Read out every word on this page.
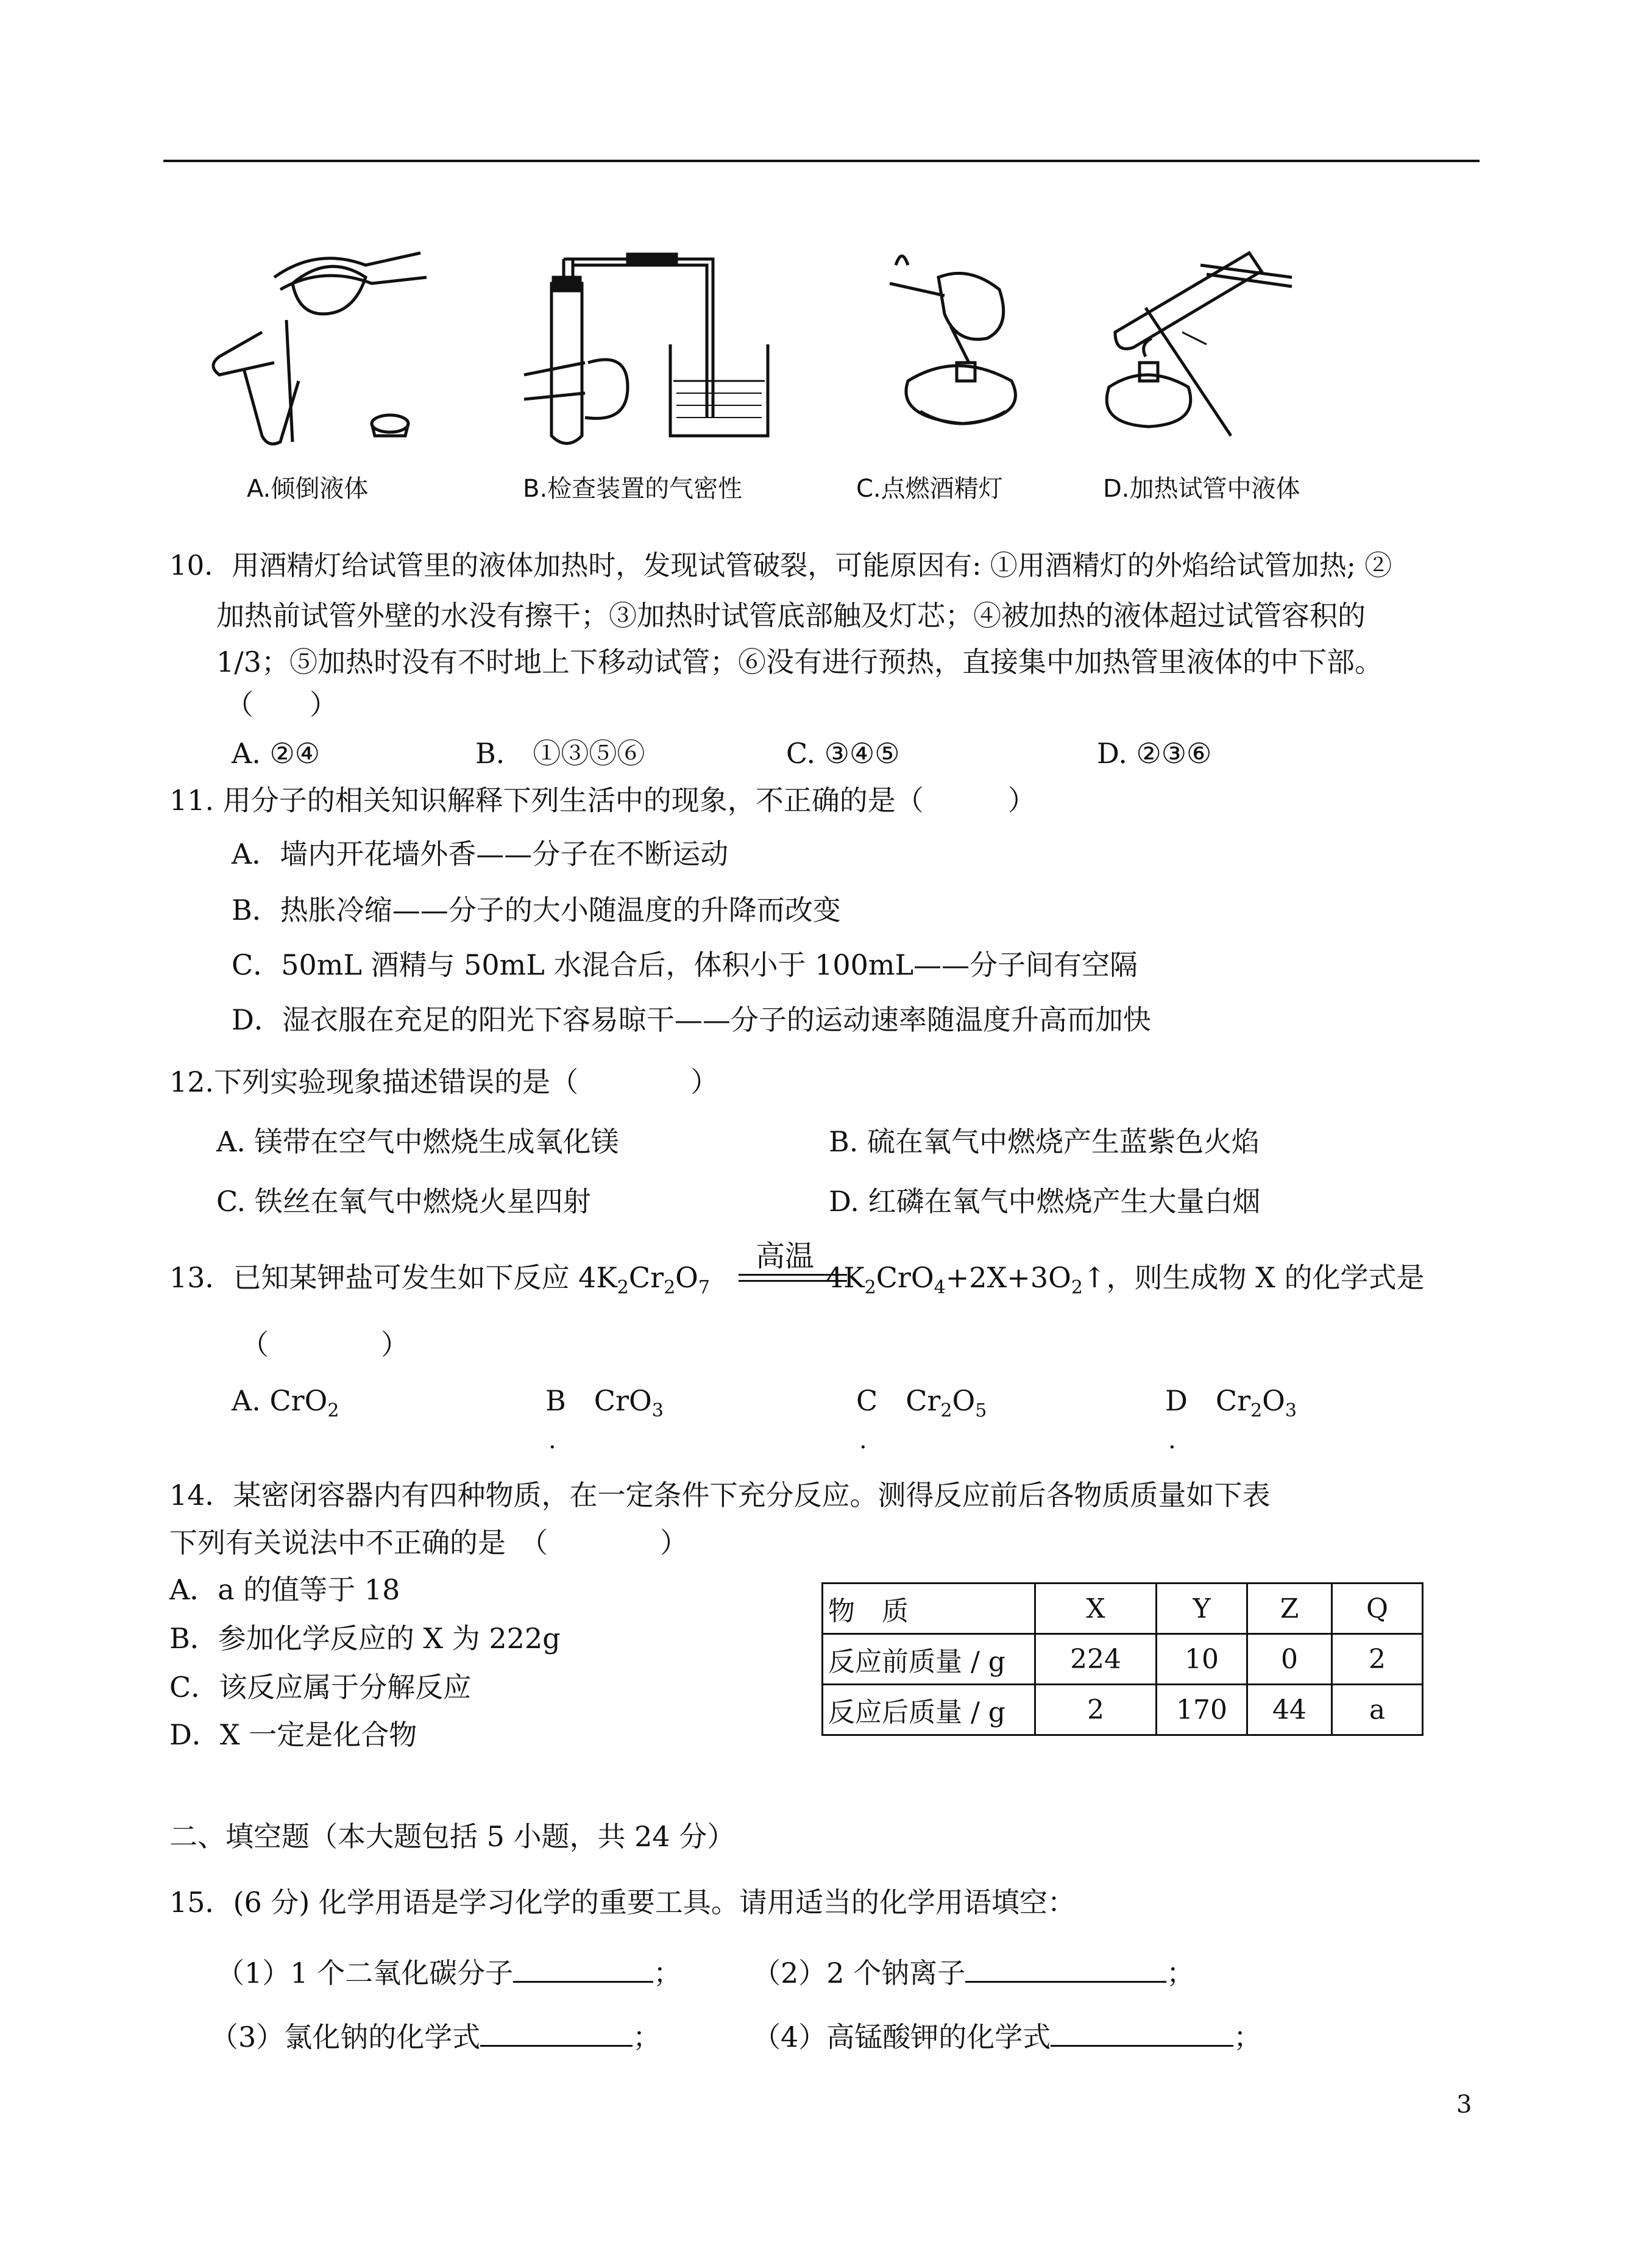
A.倾倒液体	B.检查装置的气密性	C.点燃酒精灯	D.加热试管中液体
10．用酒精灯给试管里的液体加热时，发现试管破裂，可能原因有: ①用酒精灯的外焰给试管加热; ②
加热前试管外壁的水没有擦干；③加热时试管底部触及灯芯；④被加热的液体超过试管容积的
1/3；⑤加热时没有不时地上下移动试管；⑥没有进行预热，直接集中加热管里液体的中下部。
（　　）
A. ②④	B.　①③⑤⑥	C. ③④⑤	D. ②③⑥
11. 用分子的相关知识解释下列生活中的现象，不正确的是（　　　）
A．墙内开花墙外香——分子在不断运动
B．热胀冷缩——分子的大小随温度的升降而改变
C．50mL 酒精与 50mL 水混合后，体积小于 100mL——分子间有空隔
D．湿衣服在充足的阳光下容易晾干——分子的运动速率随温度升高而加快
12.下列实验现象描述错误的是（　　　　）
A. 镁带在空气中燃烧生成氧化镁	B. 硫在氧气中燃烧产生蓝紫色火焰
C. 铁丝在氧气中燃烧火星四射	D. 红磷在氧气中燃烧产生大量白烟
高温
13．已知某钾盐可发生如下反应 $4K_2Cr_2O_7$	$4K_2CrO_4+2X+3O_2↑$，则生成物 X 的化学式是
（　　　　）
A. CrO$_2$	B　CrO$_3$	C　$Cr_2O_5$	D　$Cr_2O_3$
.	.	.
14．某密闭容器内有四种物质，在一定条件下充分反应。测得反应前后各物质质量如下表
下列有关说法中不正确的是　（　　　　）
A．a 的值等于 18
B．参加化学反应的 X 为 222g
C．该反应属于分解反应
D．X 一定是化合物
物　质	X	Y	Z	Q
反应前质量 / g	224	10	0	2
反应后质量 / g	2	170	44	a
二、填空题（本大题包括 5 小题，共 24 分）
15．(6 分) 化学用语是学习化学的重要工具。请用适当的化学用语填空：
（1）1 个二氧化碳分子	；	（2）2 个钠离子	；
（3）氯化钠的化学式	；	（4）高锰酸钾的化学式	；
3
